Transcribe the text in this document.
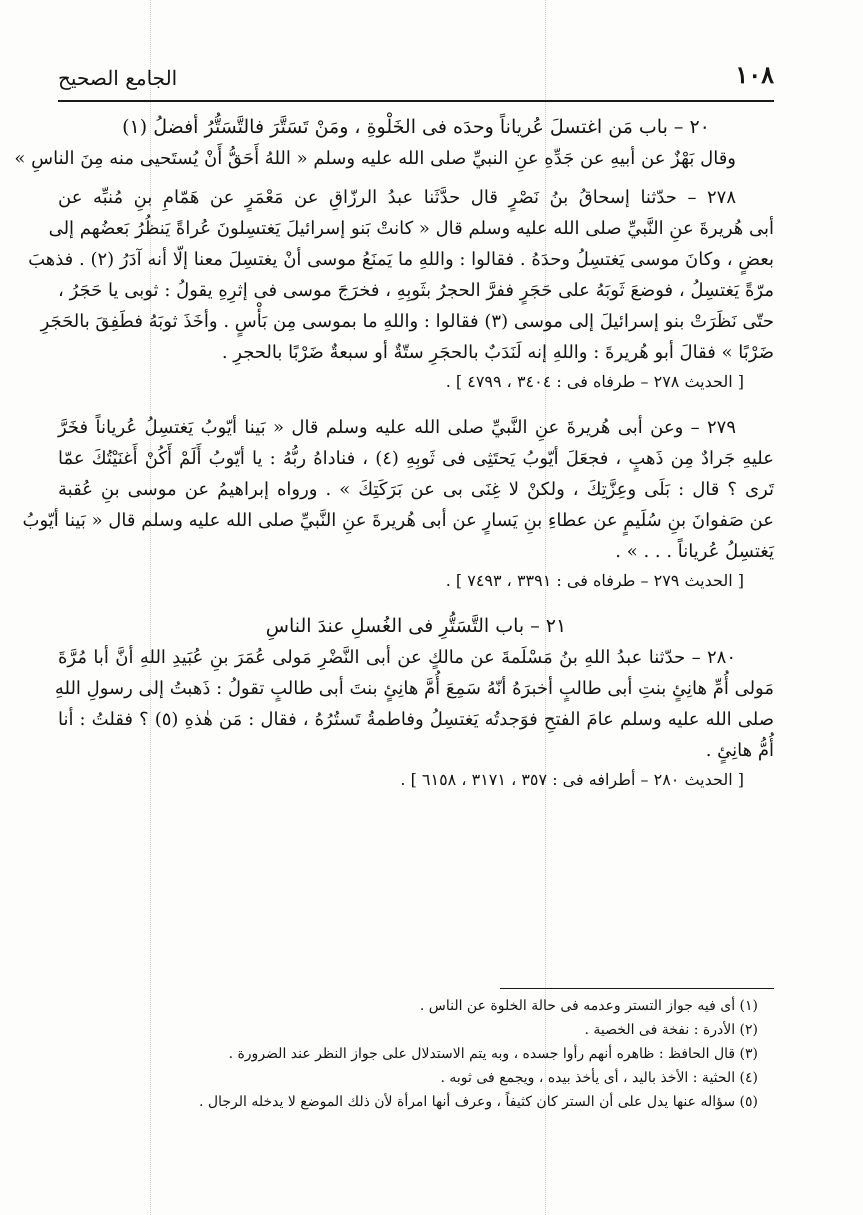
١٠٨
الجامع الصحيح
٢٠ – باب مَن اغتسلَ عُرياناً وحدَه فى الخَلْوةِ ، ومَنْ تَسَتَّرَ فالتَّسَتُّرُ أفضلُ (١)
وقال بَهْزٌ عن أبيهِ عن جَدِّهِ عنِ النبيِّ صلى الله عليه وسلم « اللهُ أَحَقُّ أَنْ يُستَحيى منه مِنَ الناسِ »
٢٧٨ – حدّثنا إسحاقُ بنُ نَصْرٍ قال حدَّثَنا عبدُ الرزّاقِ عن مَعْمَرٍ عن هَمّامِ بنِ مُنبِّه عن
أبى هُريرةَ عنِ النَّبيِّ صلى الله عليه وسلم قال « كانتْ بَنو إسرائيلَ يَغتسِلونَ عُراةً يَنظُرُ بَعضُهم إلى
بعضٍ ، وكانَ موسى يَغتسِلُ وحدَهُ . فقالوا : واللهِ ما يَمنَعُ موسى أنْ يغتسِلَ معنا إلّا أنه آدَرُ (٢) . فذهبَ
مرّةً يَغتسِلُ ، فوضعَ ثَوبَهُ على حَجَرٍ ففرَّ الحجرُ بثَوبِهِ ، فخرَجَ موسى فى إثرِهِ يقولُ : ثوبى يا حَجَرُ ،
حتّى نَظَرَتْ بنو إسرائيلَ إلى موسى (٣) فقالوا : واللهِ ما بموسى مِن بَأْسٍ . وأخَذَ ثوبَهُ فطَفِقَ بالحَجَرِ
ضَرْبًا » فقالَ أبو هُريرةَ : واللهِ إنه لَنَدَبٌ بالحجَرِ ستّةٌ أو سبعةٌ ضَرْبًا بالحجرِ .
[ الحديث ٢٧٨ – طرفاه فى : ٣٤٠٤ ، ٤٧٩٩ ] .
٢٧٩ – وعن أبى هُريرةَ عنِ النَّبيِّ صلى الله عليه وسلم قال « بَينا أيّوبُ يَغتسِلُ عُرياناً فخَرَّ
عليهِ جَرادٌ مِن ذَهبٍ ، فجعَلَ أيّوبُ يَحتَثِى فى ثَوبِهِ (٤) ، فناداهُ ربُّهُ : يا أيّوبُ أَلَمْ أَكُنْ أَغنَيْتُكَ عمّا
تَرى ؟ قال : بَلَى وعِزَّتِكَ ، ولكنْ لا غِنَى بى عن بَرَكَتِكَ » . ورواه إبراهيمُ عن موسى بنِ عُقبة
عن صَفوانَ بنِ سُلَيمٍ عن عطاءِ بنِ يَسارٍ عن أبى هُريرةَ عنِ النَّبيِّ صلى الله عليه وسلم قال « بَينا أيّوبُ
يَغتسِلُ عُرياناً . . . » .
[ الحديث ٢٧٩ – طرفاه فى : ٣٣٩١ ، ٧٤٩٣ ] .
٢١ – باب التَّسَتُّرِ فى الغُسلِ عندَ الناسِ
٢٨٠ – حدّثنا عبدُ اللهِ بنُ مَسْلَمةَ عن مالكٍ عن أبى النَّضْرِ مَولى عُمَرَ بنِ عُبَيدِ اللهِ أنَّ أبا مُرَّةَ
مَولى أُمِّ هانِئٍ بنتِ أبى طالبٍ أخبرَهُ أنّهُ سَمِعَ أُمَّ هانِئٍ بنتَ أبى طالبٍ تقولُ : ذَهبتُ إلى رسولِ اللهِ
صلى الله عليه وسلم عامَ الفتحِ فوَجدتُه يَغتسِلُ وفاطمةُ تَستُرُهُ ، فقال : مَن هٰذهِ (٥) ؟ فقلتُ : أنا
أُمُّ هانِئٍ .
[ الحديث ٢٨٠ – أطرافه فى : ٣٥٧ ، ٣١٧١ ، ٦١٥٨ ] .
(١) أى فيه جواز التستر وعدمه فى حالة الخلوة عن الناس .
(٢) الأدرة : نفخة فى الخصية .
(٣) قال الحافظ : ظاهره أنهم رأوا جسده ، وبه يتم الاستدلال على جواز النظر عند الضرورة .
(٤) الحثية : الأخذ باليد ، أى يأخذ بيده ، ويجمع فى ثوبه .
(٥) سؤاله عنها يدل على أن الستر كان كثيفاً ، وعرف أنها امرأة لأن ذلك الموضع لا يدخله الرجال .
